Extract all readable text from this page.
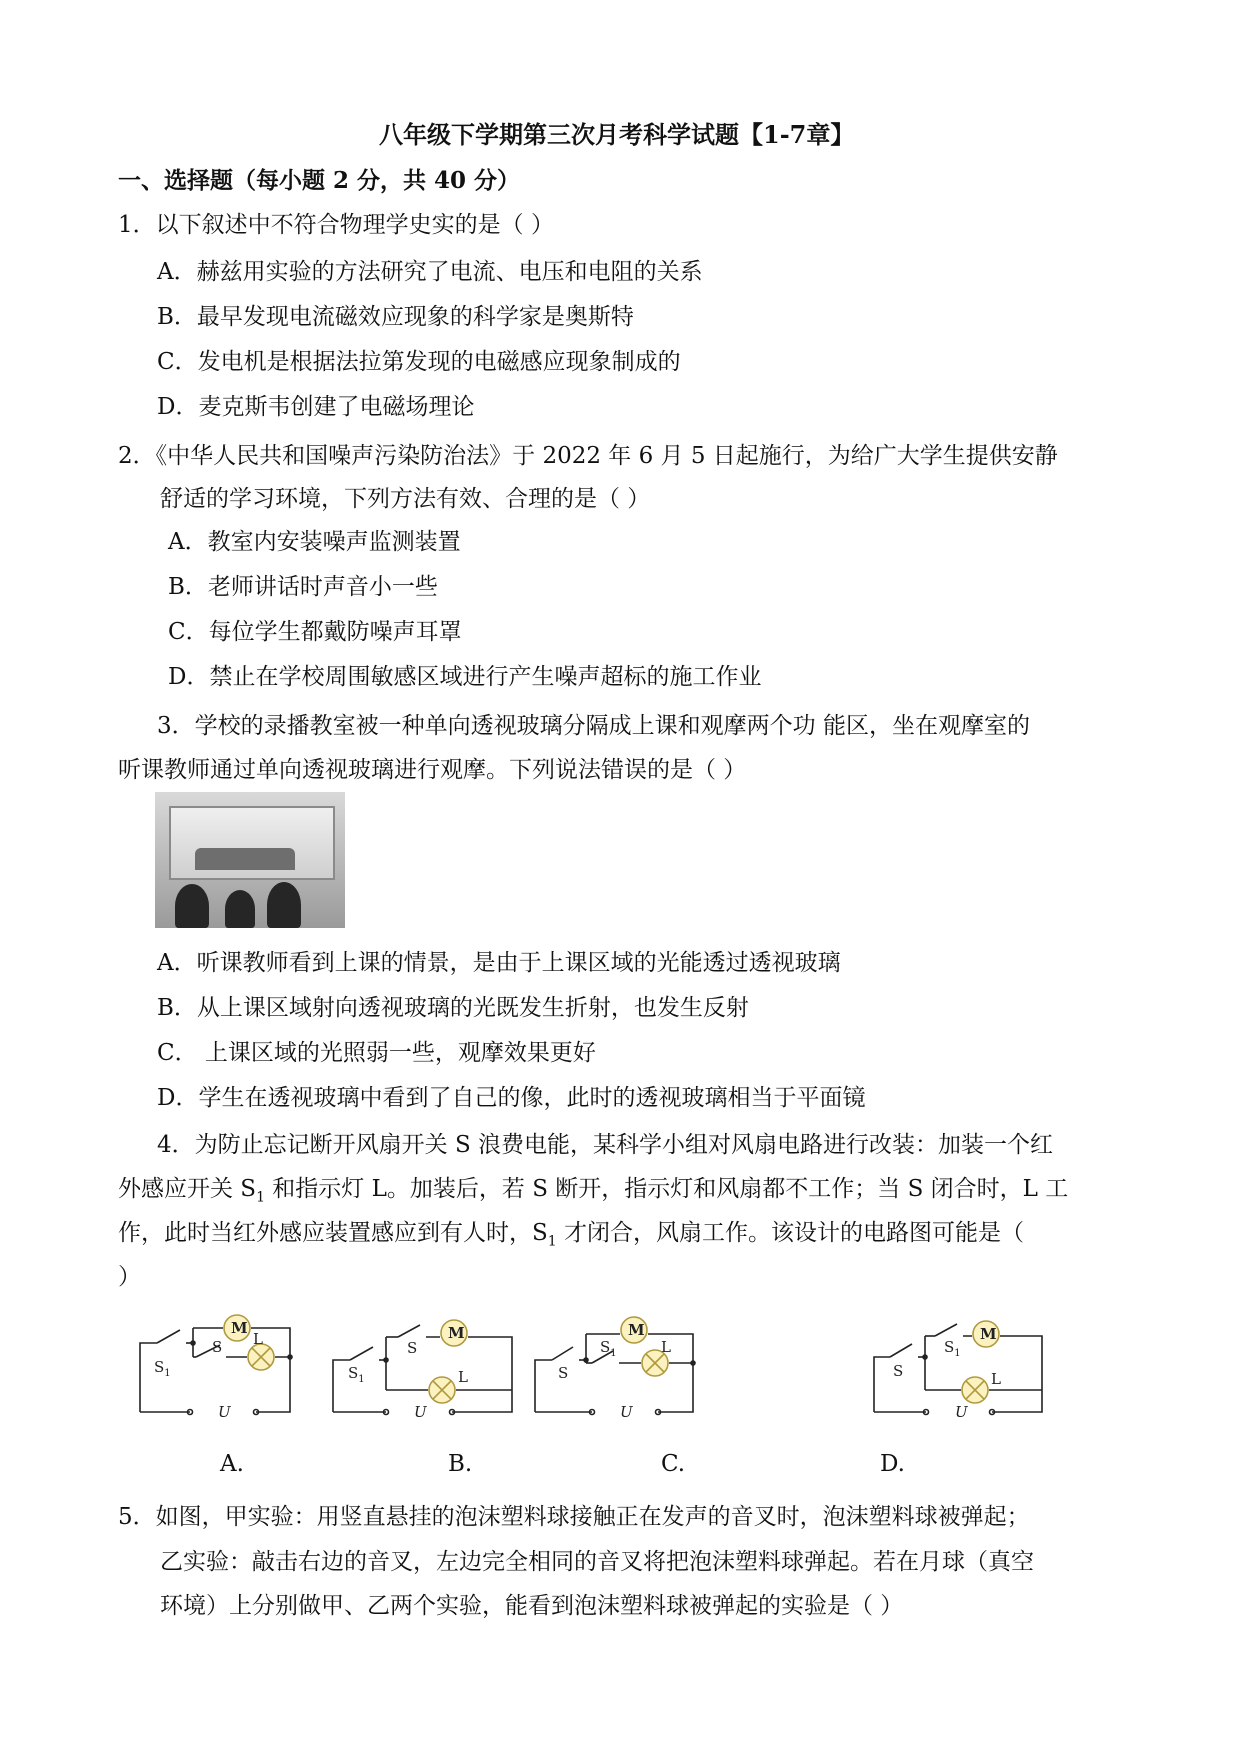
八年级下学期第三次月考科学试题【1-7章】
一、选择题（每小题 2 分，共 40 分）
1．以下叙述中不符合物理学史实的是（ ）
A．赫兹用实验的方法研究了电流、电压和电阻的关系
B．最早发现电流磁效应现象的科学家是奥斯特
C．发电机是根据法拉第发现的电磁感应现象制成的
D．麦克斯韦创建了电磁场理论
2．《中华人民共和国噪声污染防治法》于 2022 年 6 月 5 日起施行，为给广大学生提供安静
舒适的学习环境，下列方法有效、合理的是（ ）
A．教室内安装噪声监测装置
B．老师讲话时声音小一些
C．每位学生都戴防噪声耳罩
D．禁止在学校周围敏感区域进行产生噪声超标的施工作业
3．学校的录播教室被一种单向透视玻璃分隔成上课和观摩两个功 能区，坐在观摩室的
听课教师通过单向透视玻璃进行观摩。下列说法错误的是（ ）
A．听课教师看到上课的情景，是由于上课区域的光能透过透视玻璃
B．从上课区域射向透视玻璃的光既发生折射，也发生反射
C． 上课区域的光照弱一些，观摩效果更好
D．学生在透视玻璃中看到了自己的像，此时的透视玻璃相当于平面镜
4．为防止忘记断开风扇开关 S 浪费电能，某科学小组对风扇电路进行改装：加装一个红
外感应开关 $S_1$ 和指示灯 L。加装后，若 S 断开，指示灯和风扇都不工作；当 S 闭合时，L 工
作，此时当红外感应装置感应到有人时，$S_1$ 才闭合，风扇工作。该设计的电路图可能是（
）
M
$S_1$
S L
U
M
S
$S_1$	L
U
M
S
$S_1$	L
U
M
$S_1$
S	L
U
A.	B.	C.	D.
5．如图，甲实验：用竖直悬挂的泡沫塑料球接触正在发声的音叉时，泡沫塑料球被弹起；
乙实验：敲击右边的音叉，左边完全相同的音叉将把泡沫塑料球弹起。若在月球（真空
环境）上分别做甲、乙两个实验，能看到泡沫塑料球被弹起的实验是（ ）
